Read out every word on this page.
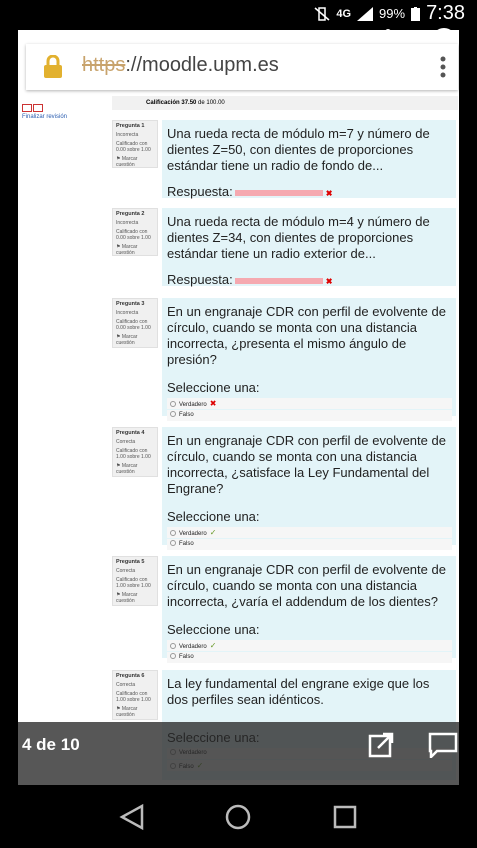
4G 99% 7:38
https://moodle.upm.es
Finalizar revisión
Calificación 37.50 de 100.00
Pregunta 1
Incorrecta
Calificado con 0.00 sobre 1.00
⚑ Marcar cuestión

Una rueda recta de módulo m=7 y número de dientes Z=50, con dientes de proporciones estándar tiene un radio de fondo de...

Respuesta:	✖
Pregunta 2
Incorrecta
Calificado con 0.00 sobre 1.00
⚑ Marcar cuestión

Una rueda recta de módulo m=4 y número de dientes Z=34, con dientes de proporciones estándar tiene un radio exterior de...

Respuesta:	✖
Pregunta 3
Incorrecta
Calificado con 0.00 sobre 1.00
⚑ Marcar cuestión

En un engranaje CDR con perfil de evolvente de círculo, cuando se monta con una distancia incorrecta, ¿presenta el mismo ángulo de presión?

Seleccione una:
Verdadero ✖
Falso
Pregunta 4
Correcta
Calificado con 1.00 sobre 1.00
⚑ Marcar cuestión

En un engranaje CDR con perfil de evolvente de círculo, cuando se monta con una distancia incorrecta, ¿satisface la Ley Fundamental del Engrane?

Seleccione una:
Verdadero ✓
Falso
Pregunta 5
Correcta
Calificado con 1.00 sobre 1.00
⚑ Marcar cuestión

En un engranaje CDR con perfil de evolvente de círculo, cuando se monta con una distancia incorrecta, ¿varía el addendum de los dientes?

Seleccione una:
Verdadero ✓
Falso
Pregunta 6
Correcta
Calificado con 1.00 sobre 1.00
⚑ Marcar cuestión

La ley fundamental del engrane exige que los dos perfiles sean idénticos.

4 de 10
